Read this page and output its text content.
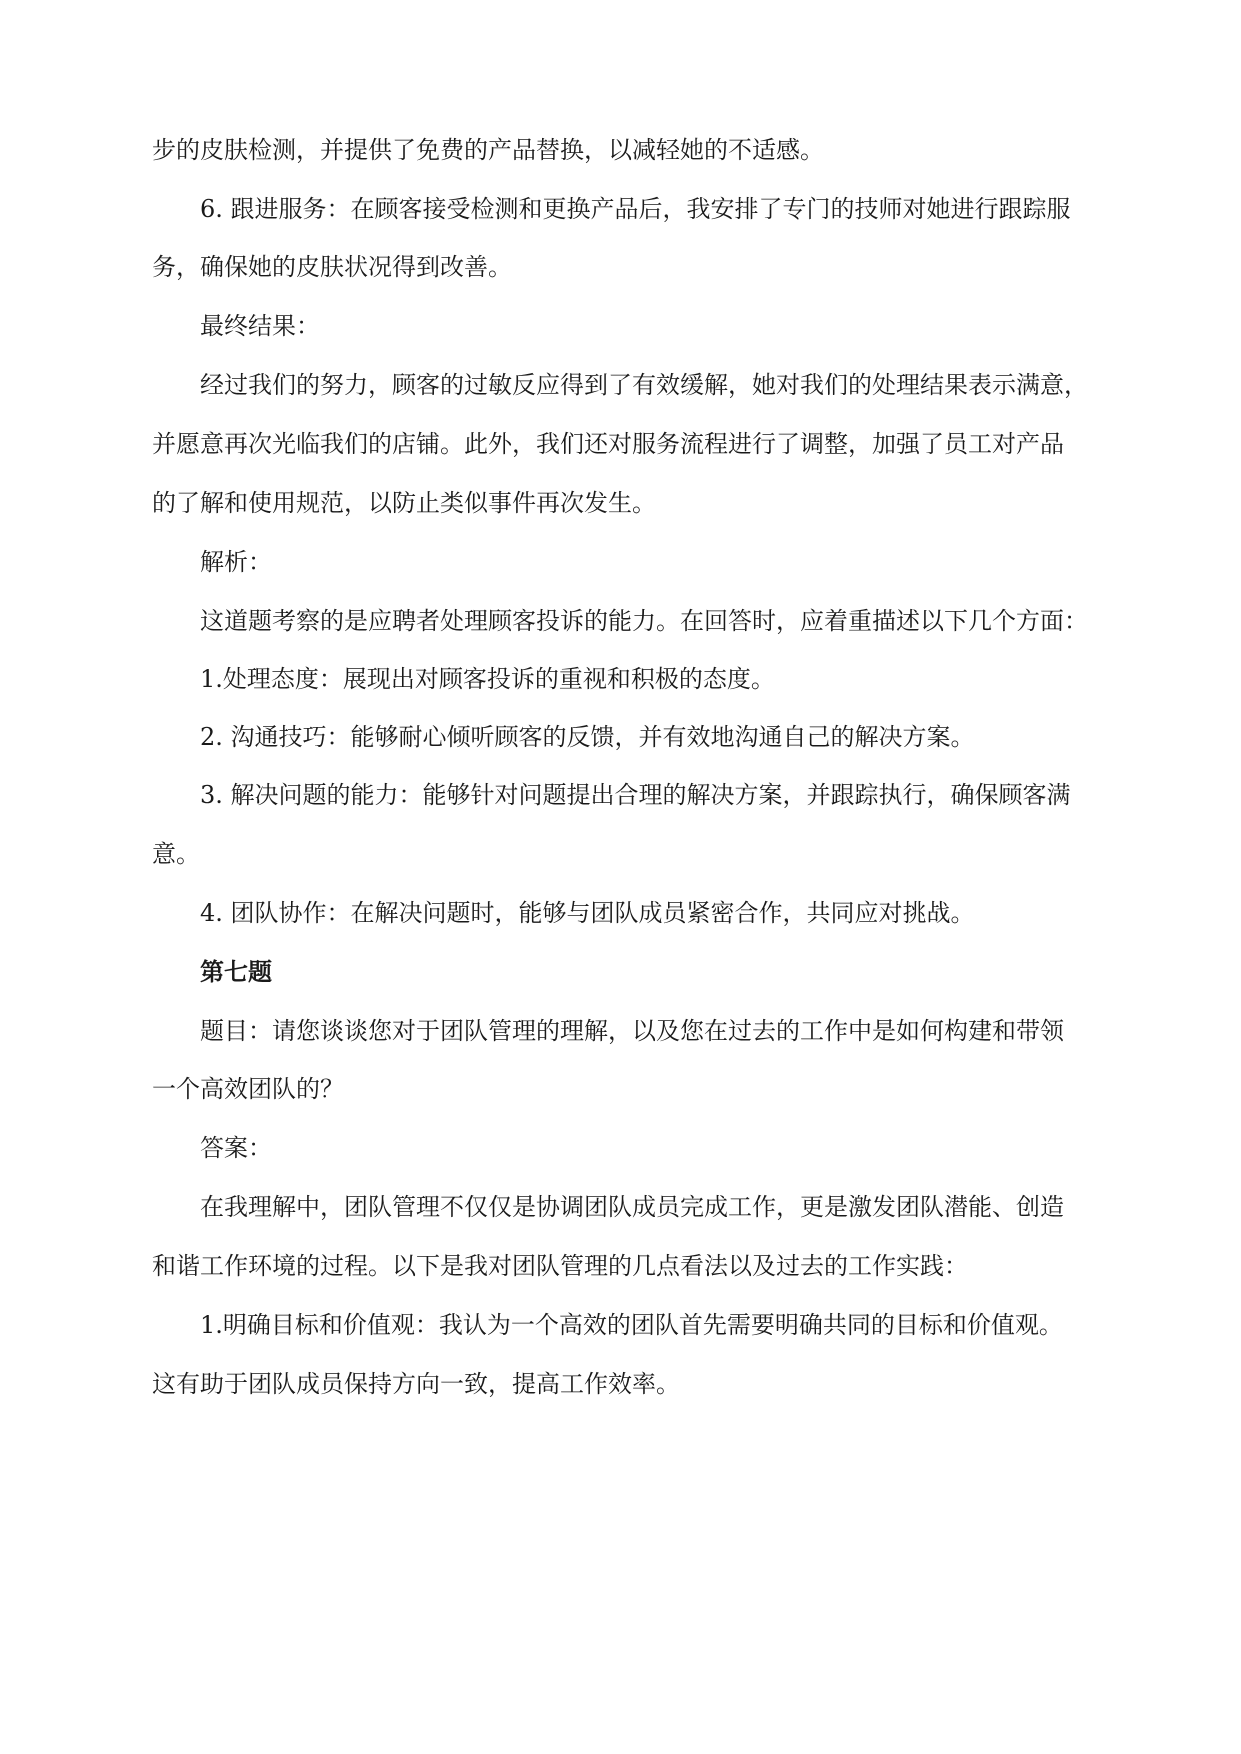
步的皮肤检测，并提供了免费的产品替换，以减轻她的不适感。
6. 跟进服务：在顾客接受检测和更换产品后，我安排了专门的技师对她进行跟踪服
务，确保她的皮肤状况得到改善。
最终结果：
经过我们的努力，顾客的过敏反应得到了有效缓解，她对我们的处理结果表示满意，
并愿意再次光临我们的店铺。此外，我们还对服务流程进行了调整，加强了员工对产品
的了解和使用规范，以防止类似事件再次发生。
解析：
这道题考察的是应聘者处理顾客投诉的能力。在回答时，应着重描述以下几个方面：
1.处理态度：展现出对顾客投诉的重视和积极的态度。
2. 沟通技巧：能够耐心倾听顾客的反馈，并有效地沟通自己的解决方案。
3. 解决问题的能力：能够针对问题提出合理的解决方案，并跟踪执行，确保顾客满
意。
4. 团队协作：在解决问题时，能够与团队成员紧密合作，共同应对挑战。
第七题
题目：请您谈谈您对于团队管理的理解，以及您在过去的工作中是如何构建和带领
一个高效团队的？
答案：
在我理解中，团队管理不仅仅是协调团队成员完成工作，更是激发团队潜能、创造
和谐工作环境的过程。以下是我对团队管理的几点看法以及过去的工作实践：
1.明确目标和价值观：我认为一个高效的团队首先需要明确共同的目标和价值观。
这有助于团队成员保持方向一致，提高工作效率。
